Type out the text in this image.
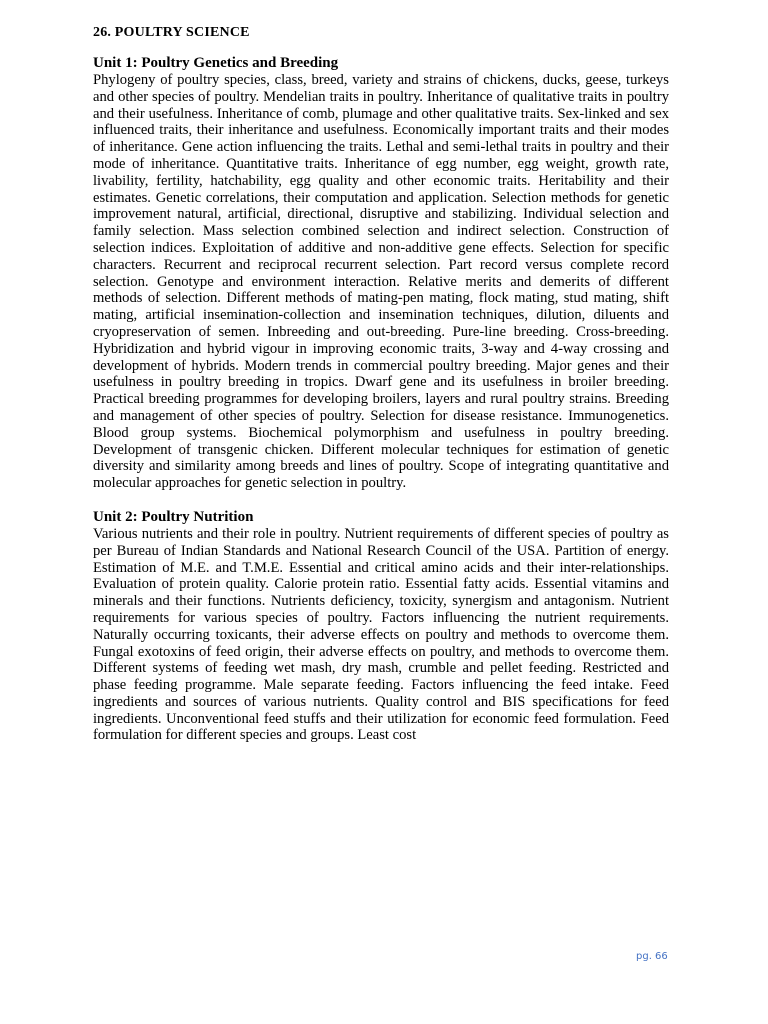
26. POULTRY SCIENCE
Unit 1: Poultry Genetics and Breeding

Phylogeny of poultry species, class, breed, variety and strains of chickens, ducks, geese, turkeys and other species of poultry. Mendelian traits in poultry. Inheritance of qualitative traits in poultry and their usefulness. Inheritance of comb, plumage and other qualitative traits. Sex-linked and sex influenced traits, their inheritance and usefulness. Economically important traits and their modes of inheritance. Gene action influencing the traits. Lethal and semi-lethal traits in poultry and their mode of inheritance. Quantitative traits. Inheritance of egg number, egg weight, growth rate, livability, fertility, hatchability, egg quality and other economic traits. Heritability and their estimates. Genetic correlations, their computation and application. Selection methods for genetic improvement natural, artificial, directional, disruptive and stabilizing. Individual selection and family selection. Mass selection combined selection and indirect selection. Construction of selection indices. Exploitation of additive and non-additive gene effects. Selection for specific characters. Recurrent and reciprocal recurrent selection. Part record versus complete record selection. Genotype and environment interaction. Relative merits and demerits of different methods of selection. Different methods of mating-pen mating, flock mating, stud mating, shift mating, artificial insemination-collection and insemination techniques, dilution, diluents and cryopreservation of semen. Inbreeding and out-breeding. Pure-line breeding. Cross-breeding. Hybridization and hybrid vigour in improving economic traits, 3-way and 4-way crossing and development of hybrids. Modern trends in commercial poultry breeding. Major genes and their usefulness in poultry breeding in tropics. Dwarf gene and its usefulness in broiler breeding. Practical breeding programmes for developing broilers, layers and rural poultry strains. Breeding and management of other species of poultry. Selection for disease resistance. Immunogenetics. Blood group systems. Biochemical polymorphism and usefulness in poultry breeding. Development of transgenic chicken. Different molecular techniques for estimation of genetic diversity and similarity among breeds and lines of poultry. Scope of integrating quantitative and molecular approaches for genetic selection in poultry.

Unit 2: Poultry Nutrition

Various nutrients and their role in poultry. Nutrient requirements of different species of poultry as per Bureau of Indian Standards and National Research Council of the USA. Partition of energy. Estimation of M.E. and T.M.E. Essential and critical amino acids and their inter-relationships. Evaluation of protein quality. Calorie protein ratio. Essential fatty acids. Essential vitamins and minerals and their functions. Nutrients deficiency, toxicity, synergism and antagonism. Nutrient requirements for various species of poultry. Factors influencing the nutrient requirements. Naturally occurring toxicants, their adverse effects on poultry and methods to overcome them. Fungal exotoxins of feed origin, their adverse effects on poultry, and methods to overcome them. Different systems of feeding wet mash, dry mash, crumble and pellet feeding. Restricted and phase feeding programme. Male separate feeding. Factors influencing the feed intake. Feed ingredients and sources of various nutrients. Quality control and BIS specifications for feed ingredients. Unconventional feed stuffs and their utilization for economic feed formulation. Feed formulation for different species and groups. Least cost

pg. 66
